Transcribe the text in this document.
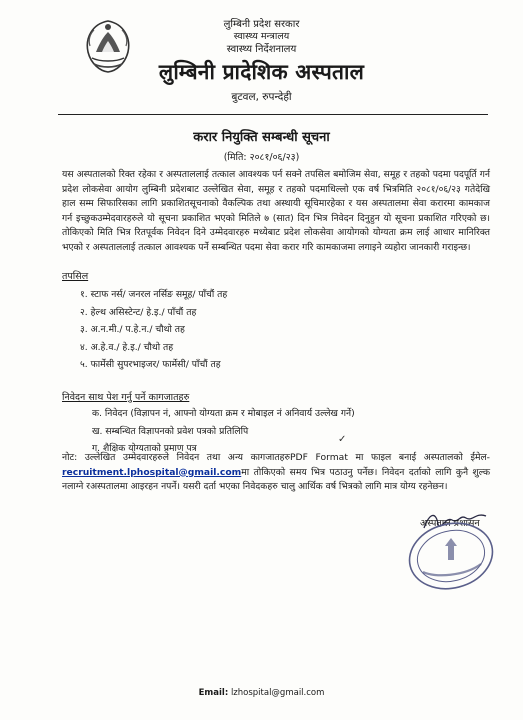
लुम्बिनी प्रदेश सरकार
स्वास्थ्य मन्त्रालय
स्वास्थ्य निर्देशनालय
लुम्बिनी प्रादेशिक अस्पताल
बुटवल, रुपन्देही
करार नियुक्ति सम्बन्धी सूचना
(मिति: २०८१/०६/२३)
यस अस्पतालको रिक्त रहेका र अस्पताललाई तत्काल आवश्यक पर्न सक्ने तपसिल बमोजिम सेवा, समूह र तहको पदमा पदपूर्ति गर्न प्रदेश लोकसेवा आयोग लुम्बिनी प्रदेशबाट उल्लेखित सेवा, समूह र तहको पदमाधिल्लो एक वर्ष भित्रमिति २०८१/०६/२३ गतेदेखि हाल सम्म सिफारिसका लागि प्रकाशितसूचनाको वैकल्पिक तथा अस्थायी सूचिमारहेका र यस अस्पतालमा सेवा करारमा कामकाज गर्न इच्छुकउम्मेदवारहरुले यो सूचना प्रकाशित भएको मितिले ७ (सात) दिन भित्र निवेदन दिनुहुन यो सूचना प्रकाशित गरिएको छ। तोकिएको मिति भित्र रितपूर्वक निवेदन दिने उम्मेदवारहरु मध्येबाट प्रदेश लोकसेवा आयोगको योग्यता क्रम लाई आधार मानिरिक्त भएको र अस्पताललाई तत्काल आवश्यक पर्ने सम्बन्धित पदमा सेवा करार गरि कामकाजमा लगाइने व्यहोरा जानकारी गराइन्छ।
तपसिल
१. स्टाफ नर्स/ जनरल नर्सिङ समूह/ पाँचौं तह
२. हेल्थ असिस्टेन्ट/ हे.इ./ पाँचौं तह
३. अ.न.मी./ प.हे.न./ चौथो तह
४. अ.हे.व./ हे.इ./ चौथो तह
५. फार्मेसी सुपरभाइजर/ फार्मेसी/ पाँचौं तह
निवेदन साथ पेश गर्नु पर्ने कागजातहरु
क. निवेदन (विज्ञापन नं, आफ्नो योग्यता क्रम र मोबाइल नं अनिवार्य उल्लेख गर्ने)
ख. सम्बन्धित विज्ञापनको प्रवेश पत्रको प्रतिलिपि
ग. शैक्षिक योग्यताको प्रमाण पत्र
नोट: उल्लेखित उम्मेदवारहरुले निवेदन तथा अन्य कागजातहरुPDF Format मा फाइल बनाई अस्पतालको ईमेल-recruitment.lphospital@gmail.comमा तोकिएको समय भित्र पठाउनु पर्नेछ। निवेदन दर्ताको लागि कुनै शुल्क नलाग्ने रअस्पतालमा आइरहन नपर्ने। यसरी दर्ता भएका निवेदकहरु चालु आर्थिक वर्ष भित्रको लागि मात्र योग्य रहनेछन।
अस्पताल प्रशासन
✓
Email: lzhospital@gmail.com
